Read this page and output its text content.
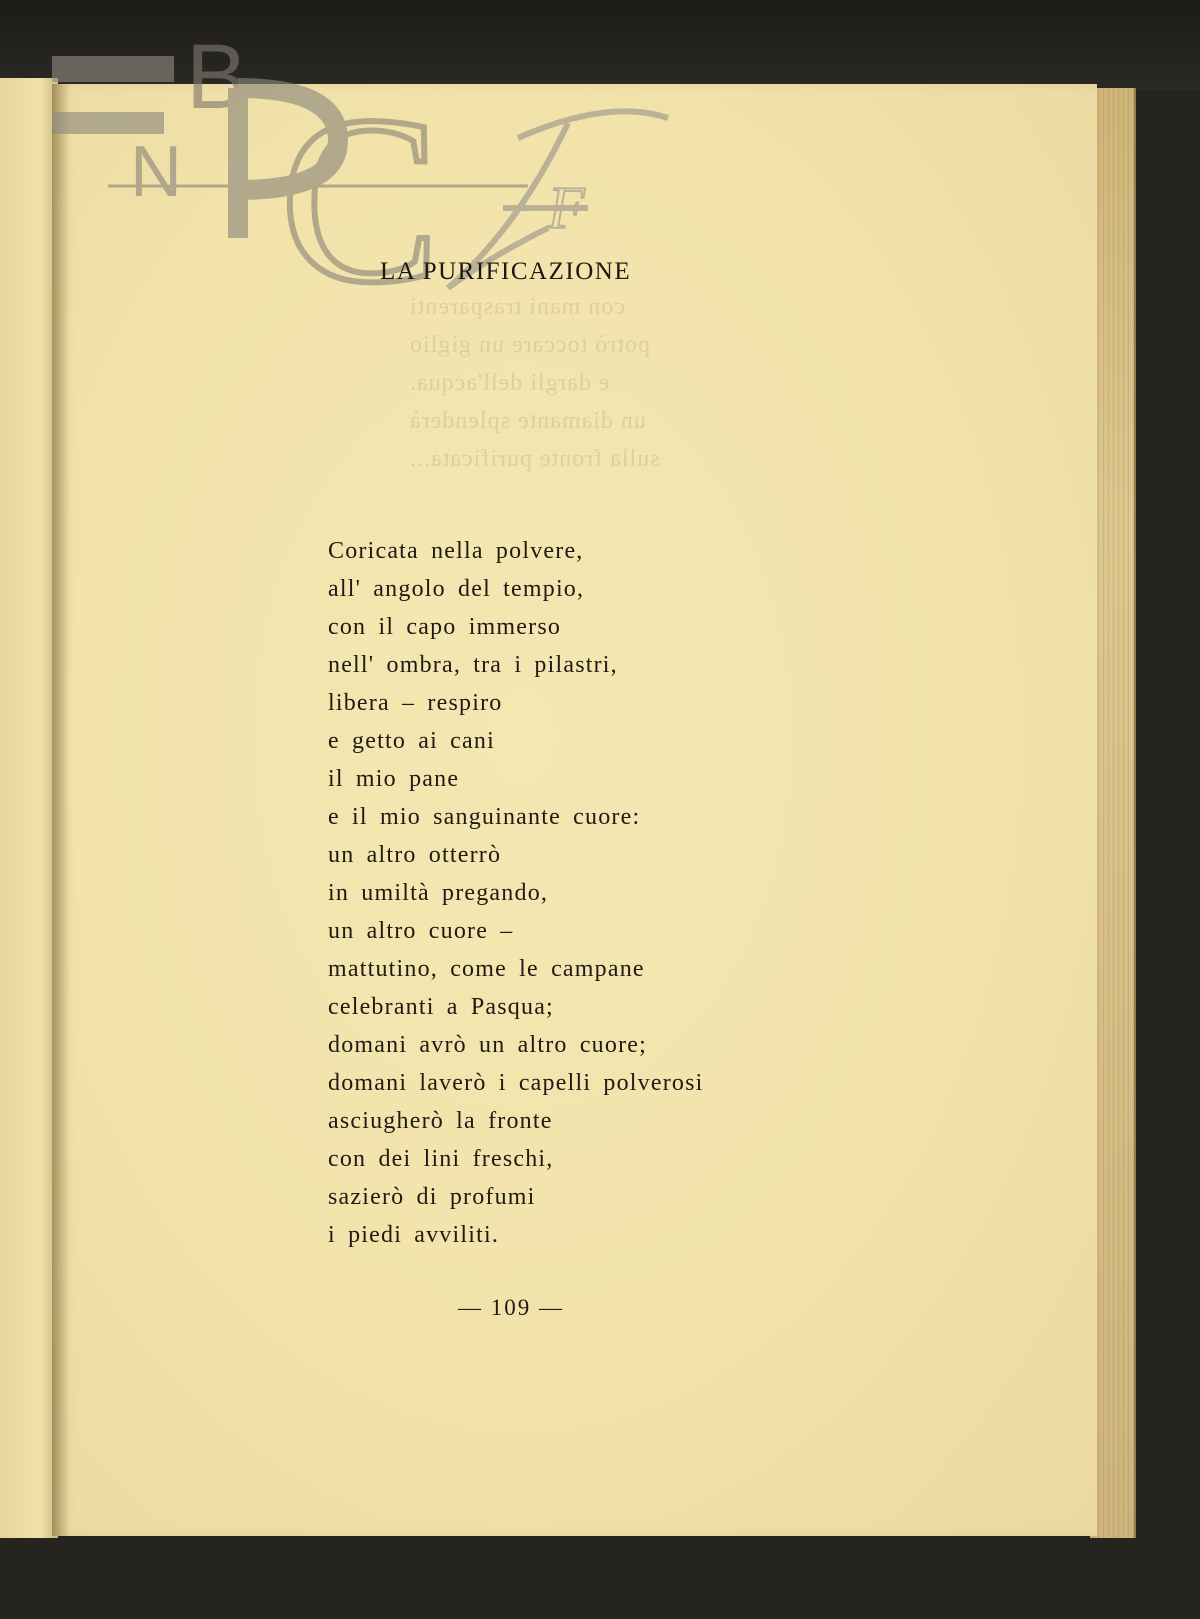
con mani trasparenti
potrò toccare un giglio
e dargli dell'acqua.
un diamante splenderà
sulla fronte purificata...
B
N C F
LA PURIFICAZIONE
Coricata nella polvere,
all' angolo del tempio,
con il capo immerso
nell' ombra, tra i pilastri,
libera – respiro
e getto ai cani
il mio pane
e il mio sanguinante cuore:
un altro otterrò
in umiltà pregando,
un altro cuore –
mattutino, come le campane
celebranti a Pasqua;
domani avrò un altro cuore;
domani laverò i capelli polverosi
asciugherò la fronte
con dei lini freschi,
sazierò di profumi
i piedi avviliti.
— 109 —
